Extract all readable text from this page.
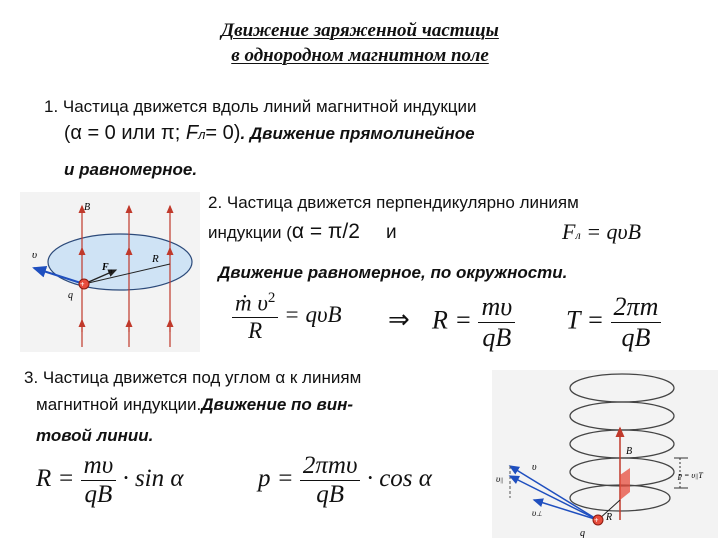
Движение заряженной частицы
в однородном магнитном поле
1. Частица движется вдоль линий магнитной индукции
(α = 0 или π; Fл= 0). Движение прямолинейное
и равномерное.
+
B
υ
F л
R
q
2. Частица движется перпендикулярно линиям
индукции (α = π/2 и	Fл = qυB
Движение равномерное, по окружности.
$\frac{ṁ \upsilon^2}{R} = q\upsilon B$ ⇒ $R = \frac{m\upsilon}{qB}$ $T = \frac{2\pi m}{qB}$
3. Частица движется под углом α к линиям
магнитной индукции.Движение по вин-
товой линии.
$R = \frac{m\upsilon}{qB} \cdot \sin \alpha$	$p = \frac{\text{2πmυ}}{qB} \cdot \cos \alpha$
+
B
υ
υ||
υ⊥
p = υ||T
R
q
